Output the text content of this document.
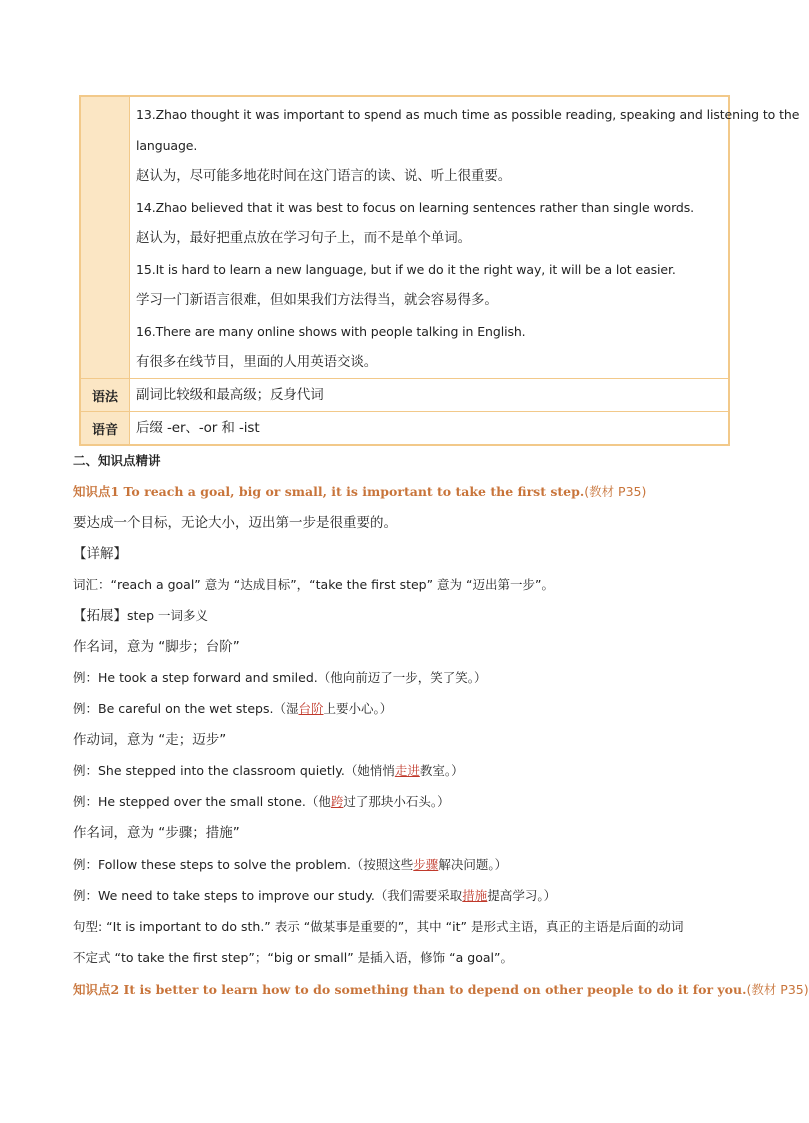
13.Zhao thought it was important to spend as much time as possible reading, speaking and listening to the
language.
赵认为，尽可能多地花时间在这门语言的读、说、听上很重要。
14.Zhao believed that it was best to focus on learning sentences rather than single words.
赵认为，最好把重点放在学习句子上，而不是单个单词。
15.It is hard to learn a new language, but if we do it the right way, it will be a lot easier.
学习一门新语言很难，但如果我们方法得当，就会容易得多。
16.There are many online shows with people talking in English.
有很多在线节目，里面的人用英语交谈。
语法	副词比较级和最高级；反身代词
语音	后缀 -er、-or 和 -ist
二、知识点精讲
知识点1 To reach a goal, big or small, it is important to take the first step.(教材 P35)
要达成一个目标，无论大小，迈出第一步是很重要的。
【详解】
词汇：“reach a goal” 意为 “达成目标”，“take the first step” 意为 “迈出第一步”。
【拓展】step 一词多义
作名词，意为 “脚步；台阶”
例：He took a step forward and smiled.（他向前迈了一步，笑了笑。）
例：Be careful on the wet steps.（湿台阶上要小心。）
作动词，意为 “走；迈步”
例：She stepped into the classroom quietly.（她悄悄走进教室。）
例：He stepped over the small stone.（他跨过了那块小石头。）
作名词，意为 “步骤；措施”
例：Follow these steps to solve the problem.（按照这些步骤解决问题。）
例：We need to take steps to improve our study.（我们需要采取措施提高学习。）
句型: “It is important to do sth.” 表示 “做某事是重要的”，其中 “it” 是形式主语，真正的主语是后面的动词
不定式 “to take the first step”；“big or small” 是插入语，修饰 “a goal”。
知识点2 It is better to learn how to do something than to depend on other people to do it for you.(教材 P35)
